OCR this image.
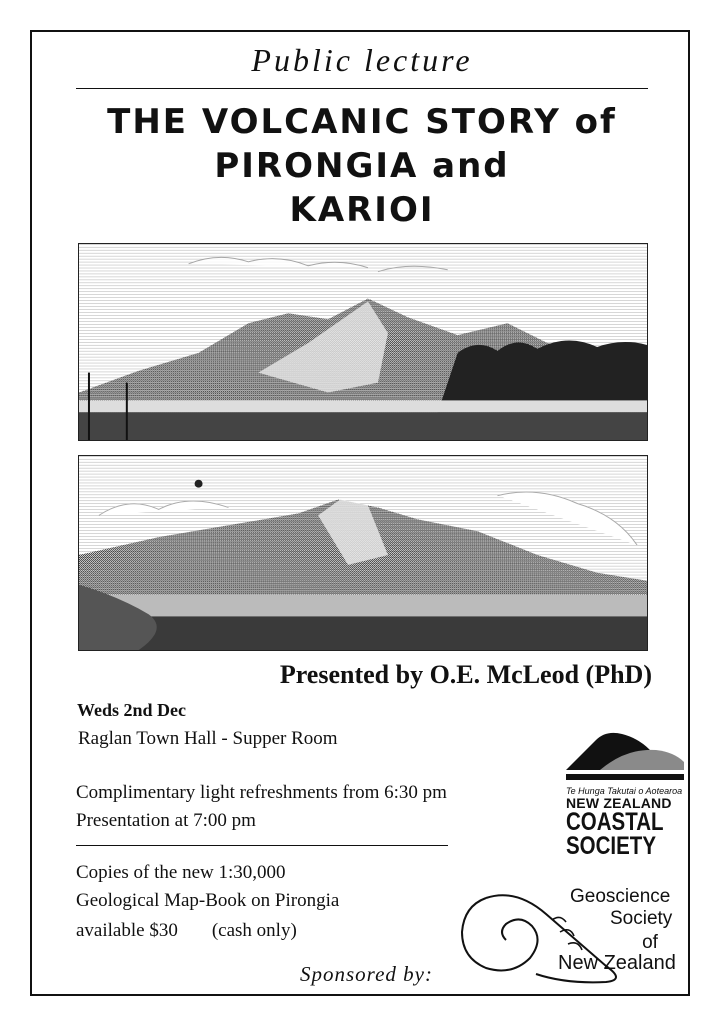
Public lecture
THE VOLCANIC STORY of
PIRONGIA and
KARIOI
Presented by O.E. McLeod (PhD)
Weds 2nd Dec
Raglan Town Hall - Supper Room
Complimentary light refreshments from 6:30 pm
Presentation at 7:00 pm
Copies of the new 1:30,000
Geological Map-Book on Pirongia
available $30 (cash only)
Sponsored by:
Te Hunga Takutai o Aotearoa
NEW ZEALAND
COASTAL
SOCIETY
Geoscience
Society
of
New Zealand
